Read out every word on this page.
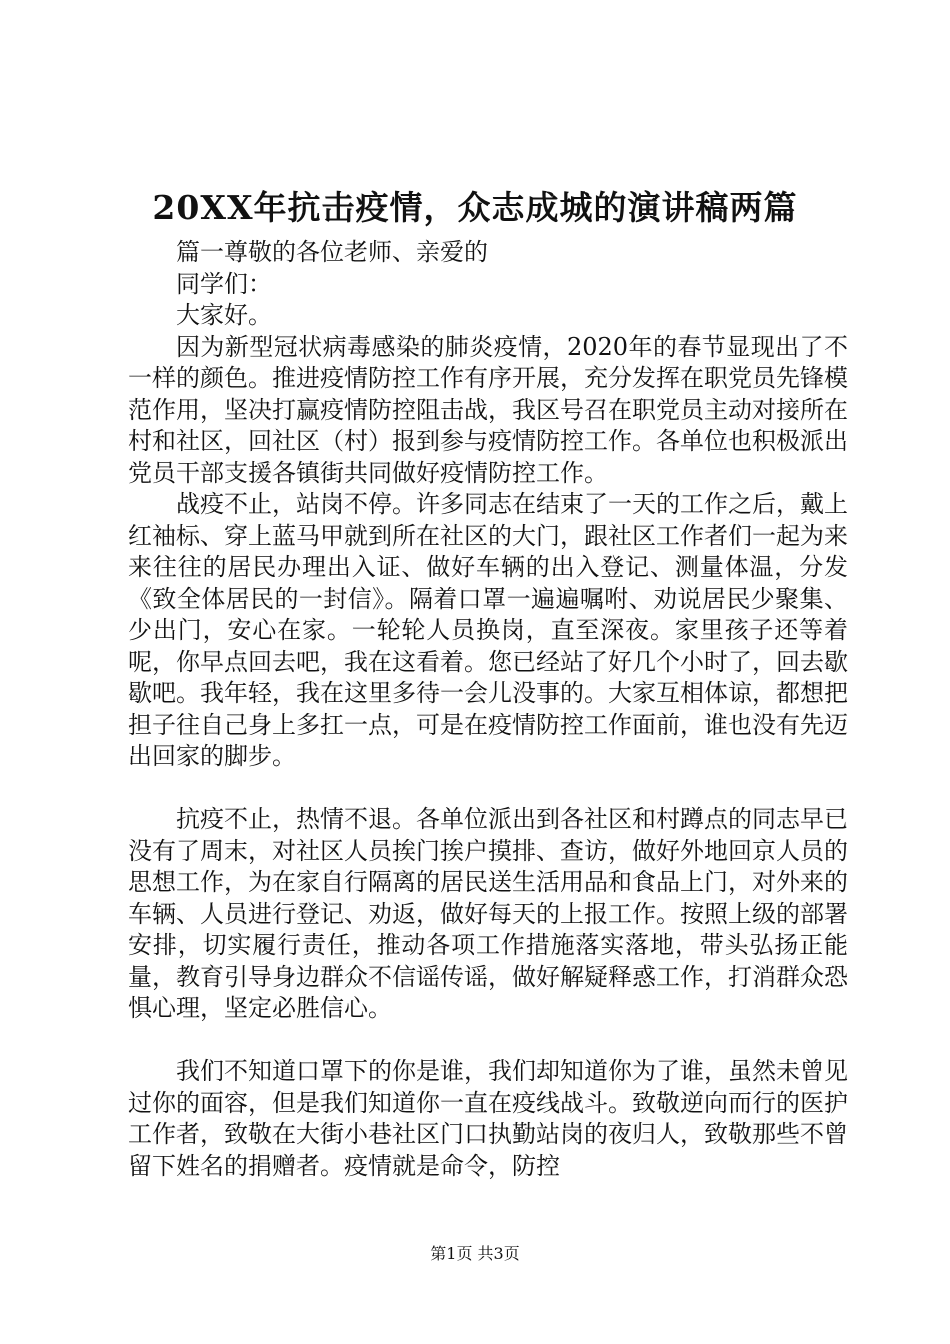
20XX年抗击疫情，众志成城的演讲稿两篇

篇一尊敬的各位老师、亲爱的

同学们：

大家好。

因为新型冠状病毒感染的肺炎疫情，2020年的春节显现出了不一样的颜色。推进疫情防控工作有序开展，充分发挥在职党员先锋模范作用，坚决打赢疫情防控阻击战，我区号召在职党员主动对接所在村和社区，回社区（村）报到参与疫情防控工作。各单位也积极派出党员干部支援各镇街共同做好疫情防控工作。

战疫不止，站岗不停。许多同志在结束了一天的工作之后，戴上红袖标、穿上蓝马甲就到所在社区的大门，跟社区工作者们一起为来来往往的居民办理出入证、做好车辆的出入登记、测量体温，分发《致全体居民的一封信》。隔着口罩一遍遍嘱咐、劝说居民少聚集、少出门，安心在家。一轮轮人员换岗，直至深夜。家里孩子还等着呢，你早点回去吧，我在这看着。您已经站了好几个小时了，回去歇歇吧。我年轻，我在这里多待一会儿没事的。大家互相体谅，都想把担子往自己身上多扛一点，可是在疫情防控工作面前，谁也没有先迈出回家的脚步。

抗疫不止，热情不退。各单位派出到各社区和村蹲点的同志早已没有了周末，对社区人员挨门挨户摸排、查访，做好外地回京人员的思想工作，为在家自行隔离的居民送生活用品和食品上门，对外来的车辆、人员进行登记、劝返，做好每天的上报工作。按照上级的部署安排，切实履行责任，推动各项工作措施落实落地，带头弘扬正能量，教育引导身边群众不信谣传谣，做好解疑释惑工作，打消群众恐惧心理，坚定必胜信心。

我们不知道口罩下的你是谁，我们却知道你为了谁，虽然未曾见过你的面容，但是我们知道你一直在疫线战斗。致敬逆向而行的医护工作者，致敬在大街小巷社区门口执勤站岗的夜归人，致敬那些不曾留下姓名的捐赠者。疫情就是命令，防控

第1页 共3页
